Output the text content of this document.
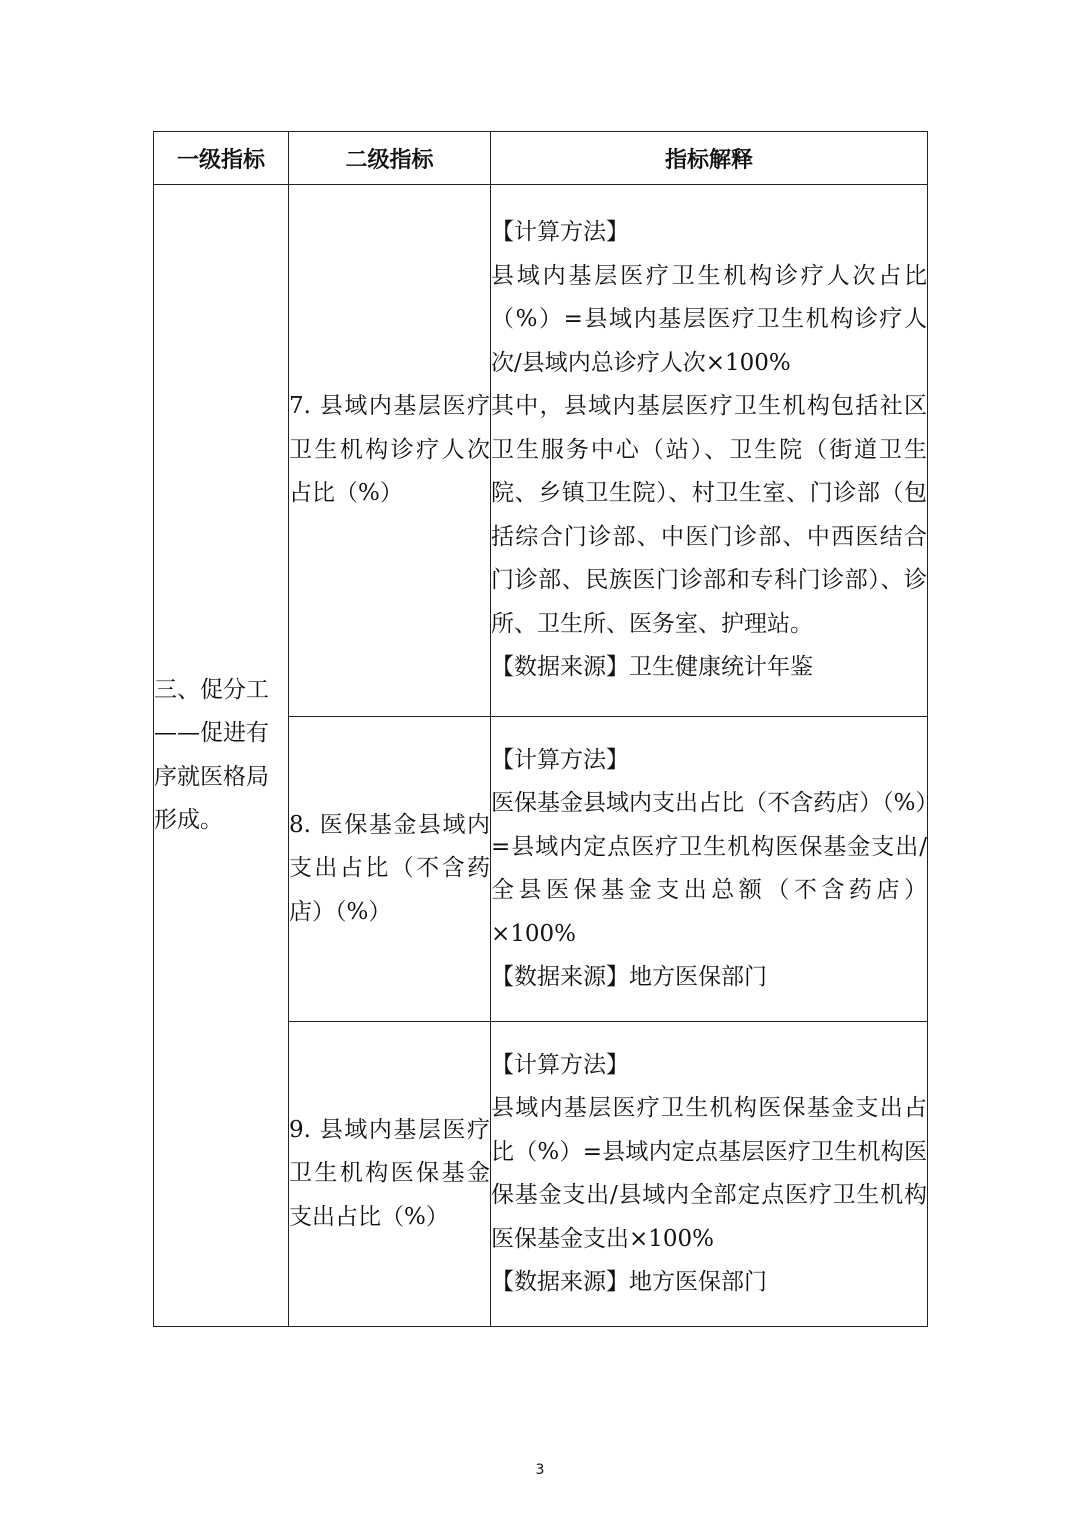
一级指标	二级指标	指标解释
三、促分工——促进有序就医格局形成。	7. 县域内基层医疗卫生机构诊疗人次占比（%）	【计算方法】
县域内基层医疗卫生机构诊疗人次占比（%）=县域内基层医疗卫生机构诊疗人次/县域内总诊疗人次×100%
其中，县域内基层医疗卫生机构包括社区卫生服务中心（站）、卫生院（街道卫生院、乡镇卫生院）、村卫生室、门诊部（包括综合门诊部、中医门诊部、中西医结合门诊部、民族医门诊部和专科门诊部）、诊所、卫生所、医务室、护理站。
【数据来源】卫生健康统计年鉴

	8. 医保基金县域内支出占比（不含药店）（%）	【计算方法】
医保基金县域内支出占比（不含药店）（%）=县域内定点医疗卫生机构医保基金支出/全县医保基金支出总额（不含药店）×100%
【数据来源】地方医保部门

	9. 县域内基层医疗卫生机构医保基金支出占比（%）	【计算方法】
县域内基层医疗卫生机构医保基金支出占比（%）=县域内定点基层医疗卫生机构医保基金支出/县域内全部定点医疗卫生机构医保基金支出×100%
【数据来源】地方医保部门
3
